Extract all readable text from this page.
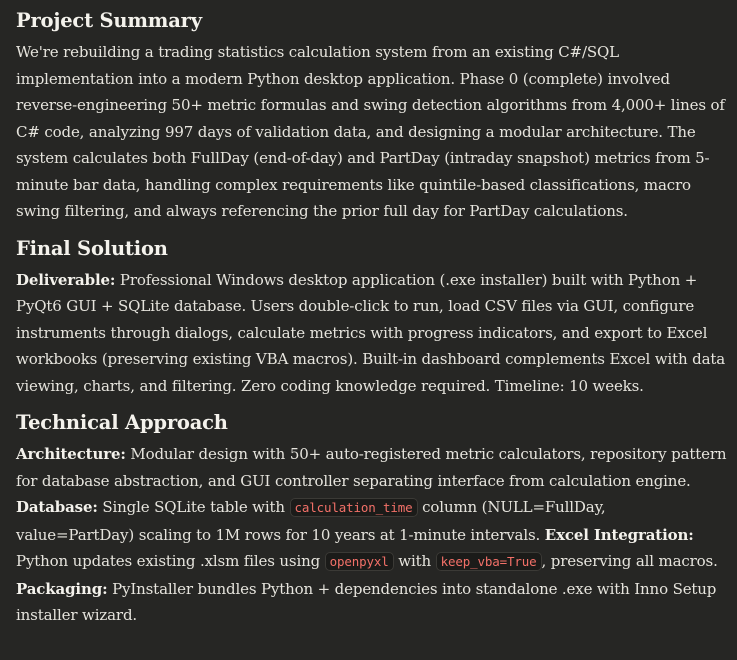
Project Summary

We're rebuilding a trading statistics calculation system from an existing C#/SQL implementation into a modern Python desktop application. Phase 0 (complete) involved reverse-engineering 50+ metric formulas and swing detection algorithms from 4,000+ lines of C# code, analyzing 997 days of validation data, and designing a modular architecture. The system calculates both FullDay (end-of-day) and PartDay (intraday snapshot) metrics from 5-minute bar data, handling complex requirements like quintile-based classifications, macro swing filtering, and always referencing the prior full day for PartDay calculations.

Final Solution

Deliverable: Professional Windows desktop application (.exe installer) built with Python + PyQt6 GUI + SQLite database. Users double-click to run, load CSV files via GUI, configure instruments through dialogs, calculate metrics with progress indicators, and export to Excel workbooks (preserving existing VBA macros). Built-in dashboard complements Excel with data viewing, charts, and filtering. Zero coding knowledge required. Timeline: 10 weeks.

Technical Approach

Architecture: Modular design with 50+ auto-registered metric calculators, repository pattern for database abstraction, and GUI controller separating interface from calculation engine. Database: Single SQLite table with calculation_time column (NULL=FullDay, value=PartDay) scaling to 1M rows for 10 years at 1-minute intervals. Excel Integration: Python updates existing .xlsm files using openpyxl with keep_vba=True , preserving all macros. Packaging: PyInstaller bundles Python + dependencies into standalone .exe with Inno Setup installer wizard.
